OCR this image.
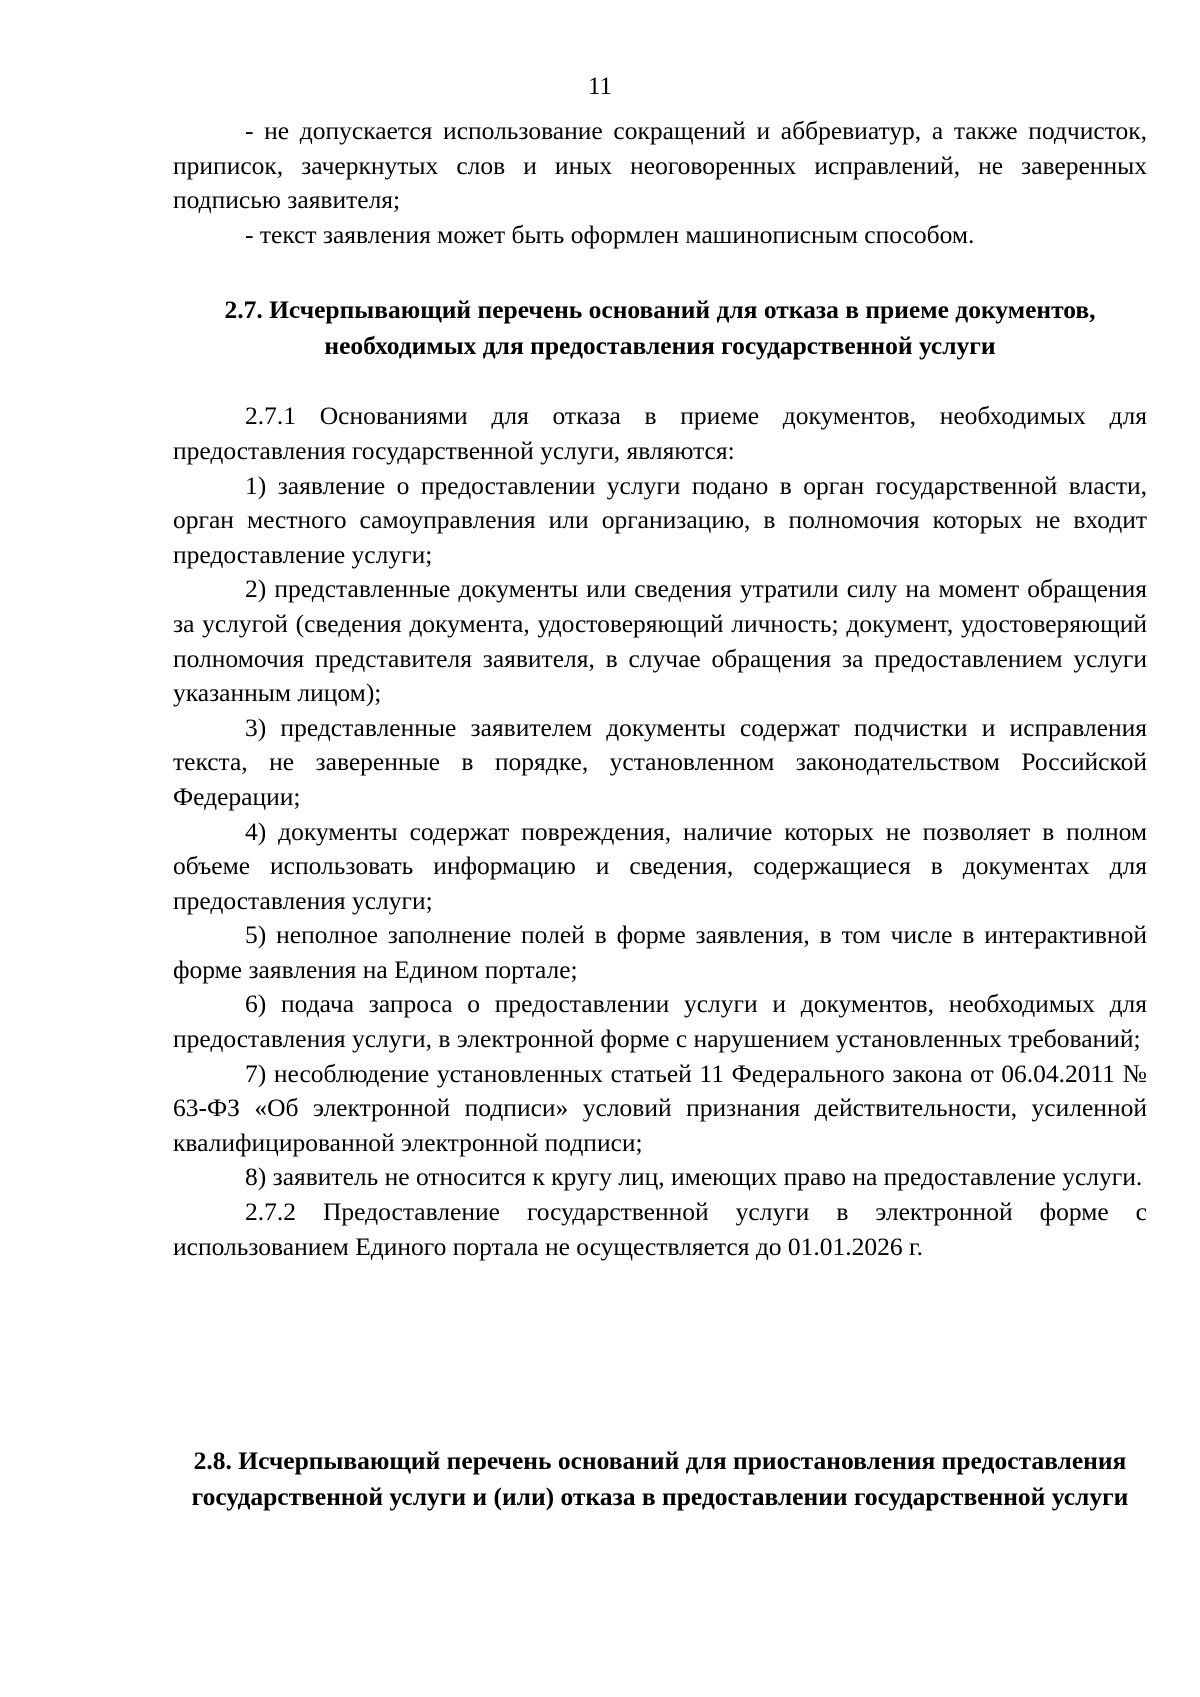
11

- не допускается использование сокращений и аббревиатур, а также подчисток, приписок, зачеркнутых слов и иных неоговоренных исправлений, не заверенных подписью заявителя;

- текст заявления может быть оформлен машинописным способом.

2.7. Исчерпывающий перечень оснований для отказа в приеме документов, необходимых для предоставления государственной услуги

2.7.1 Основаниями для отказа в приеме документов, необходимых для предоставления государственной услуги, являются:

1) заявление о предоставлении услуги подано в орган государственной власти, орган местного самоуправления или организацию, в полномочия которых не входит предоставление услуги;

2) представленные документы или сведения утратили силу на момент обращения за услугой (сведения документа, удостоверяющий личность; документ, удостоверяющий полномочия представителя заявителя, в случае обращения за предоставлением услуги указанным лицом);

3) представленные заявителем документы содержат подчистки и исправления текста, не заверенные в порядке, установленном законодательством Российской Федерации;

4) документы содержат повреждения, наличие которых не позволяет в полном объеме использовать информацию и сведения, содержащиеся в документах для предоставления услуги;

5) неполное заполнение полей в форме заявления, в том числе в интерактивной форме заявления на Едином портале;

6) подача запроса о предоставлении услуги и документов, необходимых для предоставления услуги, в электронной форме с нарушением установленных требований;

7) несоблюдение установленных статьей 11 Федерального закона от 06.04.2011 № 63-ФЗ «Об электронной подписи» условий признания действительности, усиленной квалифицированной электронной подписи;

8) заявитель не относится к кругу лиц, имеющих право на предоставление услуги.

2.7.2 Предоставление государственной услуги в электронной форме с использованием Единого портала не осуществляется до 01.01.2026 г.

2.8. Исчерпывающий перечень оснований для приостановления предоставления государственной услуги и (или) отказа в предоставлении государственной услуги
